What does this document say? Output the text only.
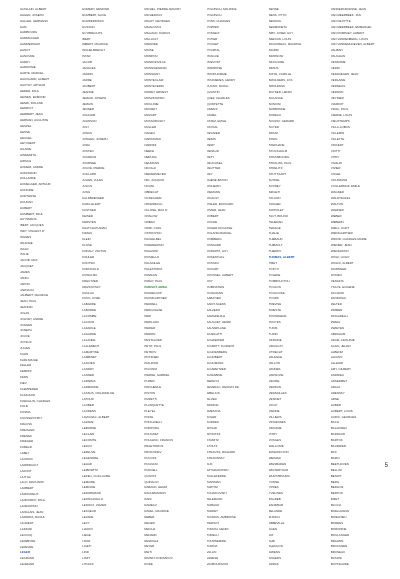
GUISLAIN, ALBERT
HAGEN, JOSEPH
HALLER, HERMANN
HAM
HAMBOURG
HAMMACHER
HAMMERSHÖI
HANOT
HANOVRE
HARDY
HARMONIE
HARTE, MARCEL
HAUCHARD, ALBERT
HAUTOT, ARTHUR
HEDER, PAUL
HEINEN, EDMOND
HENRI, ROLAND
HENRIOT
HERBERT, JEAN
HERMAN, AUGUSTE
HESPEL
HESSE
HEUGEL
HEYVAERT
HILAIRE
HINDEMITH
HIRSCH
HODEIR, ANDRÉ
HOFFMANN
HOLLANDE
HONEGGER, ARTHUR
HONGRIE
HORTENSE
HOUDAN
HUBERT
HUMBERT, PAUL
HUYSMANS
IBERT, JACQUES
INDY, VINCENT D'
INGRES
IRLANDE
ISAAC
ITALIE
JACOB, MAX
JACQUET
JAMES
JANIN
JAPON
JARNACH
JAUBERT, MAURICE
JEAN, PAUL
JEANNIN
JOLAS
JOLIVET, ANDRÉ
JONGEN
JOSEPH
JOUVE
JOYEUX
JULIEN
KAHN
KARLSRUHE
KELLER
KEMPFF
KERN
KIEV
KLEMPERER
KLINGSOR
KOECHLIN, CHARLES
KOLB
KOSMA
KOUSSEVITZKY
KRAUSS
KREISLER
KRENEK
KRIEGER
KUBELIK
LABEY
LACROIX
LADMIRAULT
LAFONT
LAJTHA
LALO, ÉDOUARD
LAMBERT
LAMOUREUX
LANDORMY, PAUL
LANDOWSKI
LANGLAIS, JEAN
LAPARRA, RAOUL
LAURENT
LAZZARI
LECOCQ
LEFEBVRE
LEFÈVRE
LÉGER
LEGRAND
LEHMANN
HOMERY, EDMOND
HUMBERT, ALICE
HUMPERDINCK
HUSSON
HUYBRECHTS
IBERT
IMBERT, MAURICE
INGHELBRECHT
ISTAR
JACOB
JANACEK
JARDIN
JARRE
JAUBERT
JEANNE
JEMAIN, JOSEPH
JEMAIN
JENNER
JOACHIM
JOHNSON
JOLY
JONAS
JONGEN, JOSEPH
JORA
JOSTEN
JOURDAN
JOURNÉE
JOUVE, PIERRE
JUILLARD
JULIEN, JULES
JULIUS
JUNG
KALKBRENNER
KARG-ELERT
KASTNER
KEISER
KERSTEN
KHATCHATURIAN
KIENZL
KLEIN
KLOSE
KODALY, ZOLTAN
KOHLER
KONTSKI
KORNGOLD
KOWALSKI
KREUTZER
KRIZKOVSKY
KUHLAU
KUNC, AYMÉ
LABARRE
LABORDE
LACOMBE
LACOUR
LAFARGE
LAGARDE
LALANDE
LALLEMENT
LAMARTINE
LAMBINET
LANCIEN
LANDRY
LANNER
LAPARRA
LARMANDE
LASSUS, ORLANDE DE
LATOUR
LAUBER
LAURENS
LAVIGNAC, ALBERT
LAZARE
LEBORNE
LECLAIR
LECOMTE
LEDUC
LEFEUVE
LEGENDRE
LEHAR
LEIBOWITZ
LEKEU, GUILLAUME
LEMAIRE
LEMOINE
LENORMAND
LEONCAVALLO
LEROUX, XAVIER
LESUEUR
LEVADÉ
LÉVY
LIADOV
LIÈGE
LIFAR
LIGETI
LIND
LISZT
LITOLFF
MICHEL, PIERRE AMAURY
MICHEROUX
MIGOT, GEORGES
MIHALOVICI
MILHAUD, DARIUS
MILLAULT
MIRANDE
MOÏSE
MOMPOU
MONDONVILLE
MONNIKENDAM
MONSIGNY
MONTÉCLAIR
MONTEVERDI
MORET, ERNEST
MOSZKOWSKI
MOULINIÉ
MOURET
MOZART
MUSSORGSKY
MÜLLER
NAGELI
NAPRAVNIK
NARDINI
NEEFE
NERUDA
NEUMANN
NICOLAÏ
NIEDERMEYER
NIN, JOAQUIN
NOVAK
OBRECHT
OCKEGHEM
OFFENBACH
OLLONE, MAX D'
ONSLOW
ORBAN
ORFF, CARL
OSTROVSKI
PACHELBEL
PADEREWSKI
PAGANINI
PAISIELLO
PALADILHE
PALESTRINA
PANNAIN
PARAY, PAUL
PARISOT, ÉMILE
PASDELOUP
PAUMGARTNER
PEDRELL
PERGOLÈSE
PERI
PERILHOU
PÉRIER
PERRIN
PESTALOZZI
PETIT, PAUL
PETROV
PFITZNER
PHILIDOR
PICCINNI
PIERNÉ, GABRIEL
PIJPER
PINCHERLE
PISTON
PIZZETTI
PLANQUETTE
PLEYEL
POISE
PONCHIELLI
PORPORA
POUGNET
POULENC, FRANCIS
PRAETORIUS
PROKOFIEV
PUCCINI
PUGNANI
PURCELL
QUANTZ
QUINAULT
RABAUD, HENRI
RACHMANINOV
RAFF
RAMEAU
RAVEL, MAURICE
REBER
REGER
REICHA
RENARD
RESPIGHI
REYER
RIETI
RIMSKY-KORSAKOV
RODE
POLNISCH, MAURICE
POLNISCH
PONS, CHARLES
POPPER
POSSELT
POTIER
POUGET
POURTAL
PRAGUE
PRÉVOST
PRIMROSE
PROD'HOMME
PRUNIÈRES, HENRY
PUGNO, RAOUL
QUANTIN
QUEF, CHARLES
QUINTETTE
RABANI
RAMEL
RATEZ, ÉMILE
RAYNAL
RÉGNIER
REIMS
REMY
RENAUD
RÉTY
REUCHSEL
REUTTER
REY
RHENÉ-BATON
RICHEPIN
RIEMANN
RIGAULT
RISLER, ÉDOUARD
RIVIER, JEAN
ROBERT
ROCHE
ROGER-DUCASSE
ROLAND-MANUEL
ROMBERG
RONSARD
ROPARTZ, GUY
ROSENTHAL
ROSSINI
ROUART
ROUSSEL, ALBERT
ROY
RUBINSTEIN
RUHLMANN
SABATIER
SAINT-SAËNS
SALZEDO
SAMAZEUILH
SAUGUET, HENRI
SAUVEPLANE
SCARLATTI
SCHAEFFER
SCHMITT, FLORENT
SCHOENBERG
SCHUBERT
SCHUMANN
SCHWEITZER
SCRIABINE
SÉRIEYX
SÉVERAC, DÉODAT DE
SIBELIUS
SILVER
SINDING
SMETANA
SOLER
SORDES
SPOHR
SPONTINI
STAMITZ
STOLTZ
STRAUSS, RICHARD
STRAVINSKY
SUK
SZYMANOWSKI
TAILLEFERRE
TANSMAN
TARTINI
TCHAÏKOVSKY
TELEMANN
THIBAUD
THIRIET
THOMAS, AMBROISE
TIERSOT
TOMASI, HENRI
TORELLI
TOURNEMIRE
TURINA
VALLIN
VARÈSE
VAUBOURGOIN
SENNE
SENS, OTTO
SERANG
SERMONETA
SIBY, JOSEF GUY
SIEFFAN, LOUIS
SIGOUREAU, MAURICE
SIGRID
SIMONOW
SINCLAIRE
SIRIUS
SIXTE, CAMILLE
SMOLDERS, JOS
SMOLENSK
SNYDER, HENRI
SOLANGE
SONCINI
SORBONNE
SOREAU
SOUZAY, GÉRARD
SOYER
SPAAK
STEIN
STÉPHANE
STOCKHOLM
STRASBOURG
STRAUSS, PAUL
STRELITZ
STUTTGART
SUISSE
SYDNEY
SZIGETI
TALLINN
TANGER
TAPPOLET
TAUT, BRUNO
TEHERAN
TERAGE
THALIE
THÉBAUD
THIBAULT
THIERRY
THOMAS, ALBERT
TIBET
TOKYO
TOLÈDE
TOMBOUCTOU
TOULON
TOULOUSE
TOURS
TRÉVISE
TRIESTE
TRONDHEIM
TROYES
TUNIS
TURIN
UKRAINE
URUGUAY
UTRECHT
VALENCE
VALLON
VANNES
VARSOVIE
VENISE
VERDUN
VERSAILLES
VÉSINET
VICHY
VIENNE
VILLIERS
VINCENNES
VIRGINIE
VITRY
VOSGES
WALLONIE
WASHINGTON
WEIMAR
WIESBADEN
WINTERTHUR
WURTZBOURG
YONNE
YPRES
YVELINES
ZAGREB
ZANZIBAR
ZÉLANDE
ZURICH
ABBEVILLE
AGEN
AIX
ALBI
ALENÇON
AMIENS
ANGERS
ARRAS
VANDERCRUESSE, JEAN
VAN MEERBEEK, JAN
VAN DE PITTE
VAN MEERBEEK, EMMANUEL
VAN ROMPAEY, ALBERT
VAN VANDENBERG, LOUIS
VAN VANDERHOEVEN, ALBERT
VAUBAN
VAUGHAN
VENDÔME
VERDI
VERHAEGEN, JEAN
VERLAINE
VERNEUIL
VERNON
VEYRIER
VIARDOT
VIDAL, PAUL
VIERNE, LOUIS
VIEUXTEMPS
VILLA-LOBOS
VILLEMIN
VILLETTE
VINCENT
VIOTTI
VITRY
VIVALDI
VIVIER
VOGEL
VOLKMANN
VUILLERMOZ, ÉMILE
WAGNER
WALDTEUFEL
WALTON
WARNER
WEBER
WEBERN
WEILL, KURT
WEINGARTNER
WIDOR, CHARLES-MARIE
WIENER, JEAN
WIENIAWSKI
WOLF, HUGO
WOLFF, ALBERT
WORMSER
WYDEN
XENAKIS
YSAŸE, EUGÈNE
ZACHOW
ZANDONAI
ZELTER
ZIMMER
ZINGARELLI
ZWEIG
ZWIETEN
ABRAHAM
ADAM, ADOLPHE
ALAIN, JEHAN
ALBÉNIZ
ALFANO
ALLEGRI
AMY, GILBERT
ANDRIEU
ANSERMET
ARAJA
ARENSKY
ARNE
AUBER
AUBERT, LOUIS
AURIC, GEORGES
BACH
BALAKIREV
BARRAUD
BARTÓK
BAUDRIER
BAX
BAZIN
BEETHOVEN
BELLINI
BENOIT
BERG
BERLIOZ
BERTON
BIZET
BLOCH
BOËLLMANN
BOIELDIEU
BORDES
BORODINE
BOULANGER
BRAHMS
BRUCKNER
BRUNEAU
BUSONI
BUXTEHUDE
5
